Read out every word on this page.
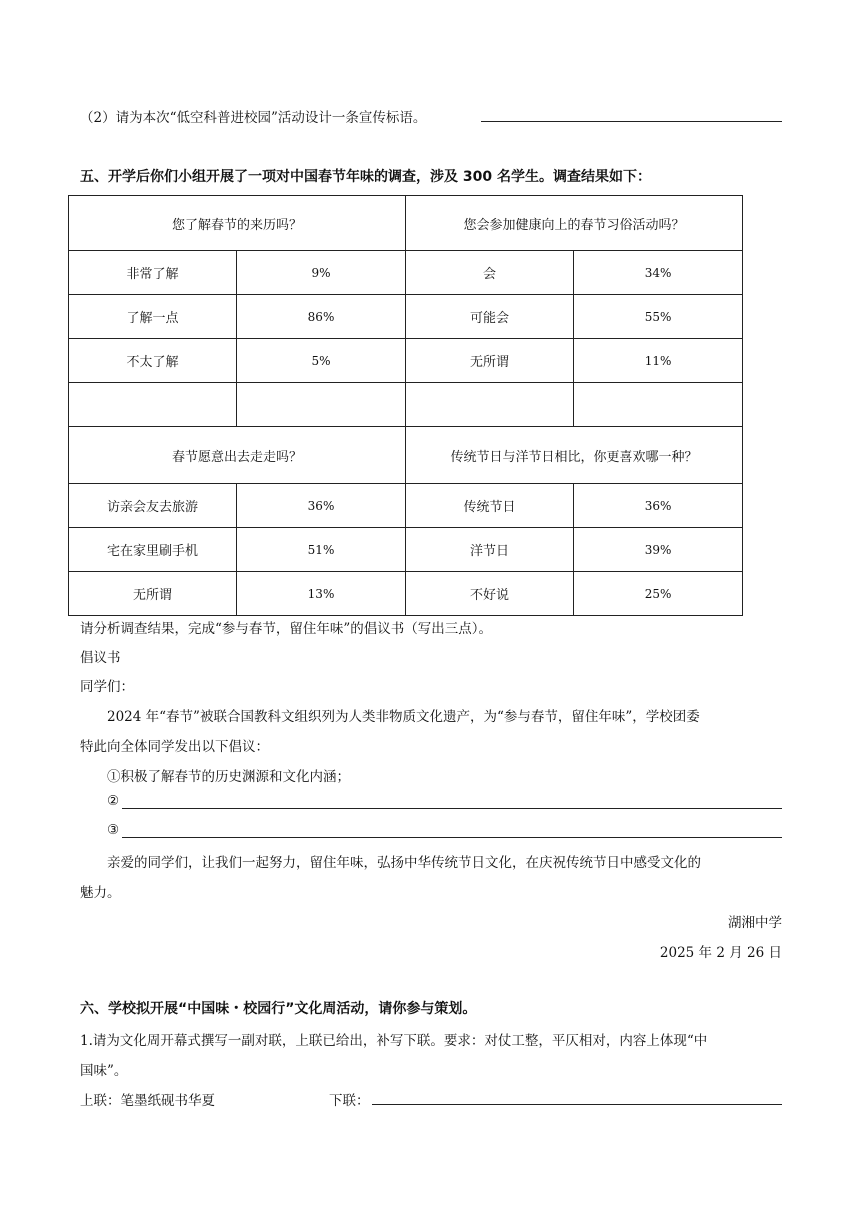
（2）请为本次“低空科普进校园”活动设计一条宣传标语。
五、开学后你们小组开展了一项对中国春节年味的调查，涉及 300 名学生。调查结果如下：
您了解春节的来历吗？		您会参加健康向上的春节习俗活动吗？	
非常了解	9%	会	34%
了解一点	86%	可能会	55%
不太了解	5%	无所谓	11%

春节愿意出去走走吗？		传统节日与洋节日相比，你更喜欢哪一种？	
访亲会友去旅游	36%	传统节日	36%
宅在家里刷手机	51%	洋节日	39%
无所谓	13%	不好说	25%
请分析调查结果，完成“参与春节，留住年味”的倡议书（写出三点）。
倡议书
同学们：
2024 年“春节”被联合国教科文组织列为人类非物质文化遗产，为“参与春节，留住年味”，学校团委
特此向全体同学发出以下倡议：
①积极了解春节的历史渊源和文化内涵；
②
③
亲爱的同学们，让我们一起努力，留住年味，弘扬中华传统节日文化，在庆祝传统节日中感受文化的
魅力。
湖湘中学
2025 年 2 月 26 日
六、学校拟开展“中国味・校园行”文化周活动，请你参与策划。
1.请为文化周开幕式撰写一副对联，上联已给出，补写下联。要求：对仗工整，平仄相对，内容上体现“中
国味”。
上联：笔墨纸砚书华夏	下联：
